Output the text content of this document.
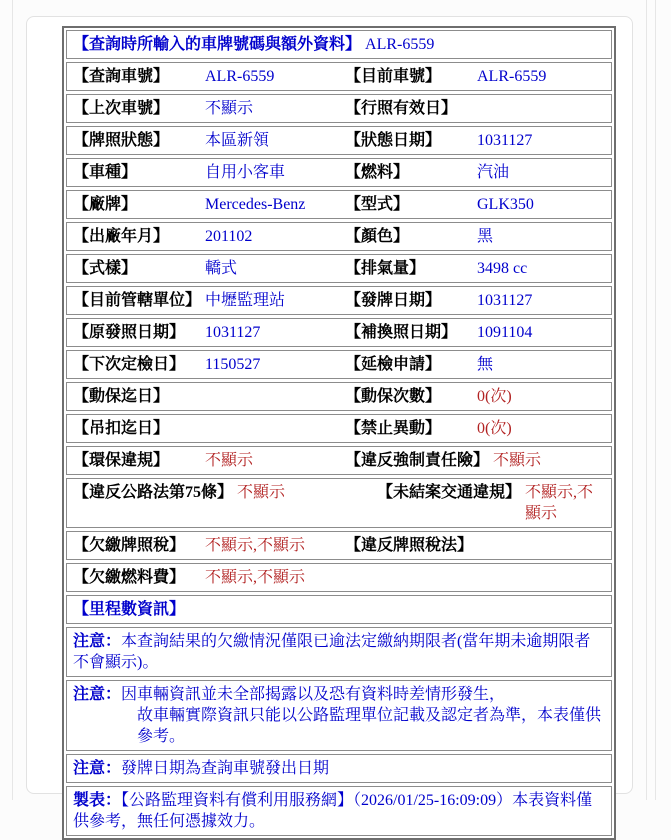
【查詢時所輸入的車牌號碼與額外資料】 ALR-6559
【查詢車號】	ALR-6559	【目前車號】	ALR-6559
【上次車號】	不顯示	【行照有效日】
【牌照狀態】	本區新領	【狀態日期】	1031127
【車種】	自用小客車	【燃料】	汽油
【廠牌】	Mercedes-Benz	【型式】	GLK350
【出廠年月】	201102	【顏色】	黑
【式樣】	轎式	【排氣量】	3498 cc
【目前管轄單位】 中壢監理站	【發牌日期】	1031127
【原發照日期】	1031127	【補換照日期】	1091104
【下次定檢日】	1150527	【延檢申請】	無
【動保迄日】	【動保次數】	0(次)
【吊扣迄日】	【禁止異動】	0(次)
【環保違規】	不顯示	【違反強制責任險】 不顯示
【違反公路法第75條】 不顯示	【未結案交通違規】 不顯示,不顯示
【欠繳牌照稅】	不顯示,不顯示	【違反牌照稅法】
【欠繳燃料費】	不顯示,不顯示
【里程數資訊】
注意：本查詢結果的欠繳情況僅限已逾法定繳納期限者(當年期未逾期限者不會顯示)。
注意：因車輛資訊並未全部揭露以及恐有資料時差情形發生，
故車輛實際資訊只能以公路監理單位記載及認定者為準，本表僅供參考。
注意：發牌日期為查詢車號發出日期
製表：【公路監理資料有償利用服務網】（2026/01/25-16:09:09）本表資料僅供參考，無任何憑據效力。
